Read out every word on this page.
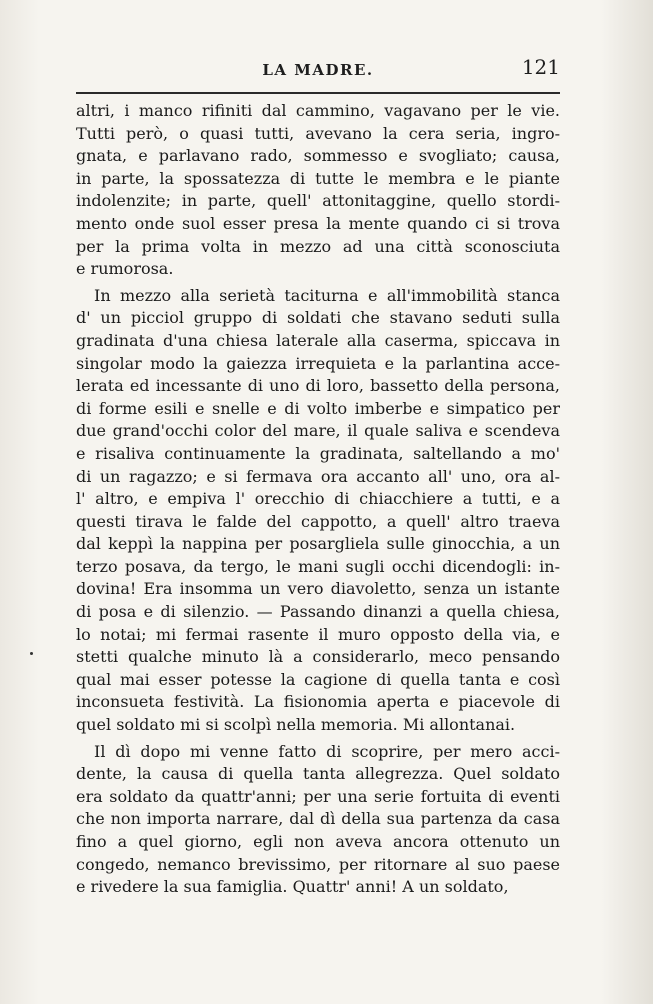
LA MADRE.	121
altri, i manco rifiniti dal cammino, vagavano per le vie.
Tutti però, o quasi tutti, avevano la cera seria, ingro-
gnata, e parlavano rado, sommesso e svogliato; causa,
in parte, la spossatezza di tutte le membra e le piante
indolenzite; in parte, quell' attonitaggine, quello stordi-
mento onde suol esser presa la mente quando ci si trova
per la prima volta in mezzo ad una città sconosciuta
e rumorosa.
In mezzo alla serietà taciturna e all'immobilità stanca
d' un picciol gruppo di soldati che stavano seduti sulla
gradinata d'una chiesa laterale alla caserma, spiccava in
singolar modo la gaiezza irrequieta e la parlantina acce-
lerata ed incessante di uno di loro, bassetto della persona,
di forme esili e snelle e di volto imberbe e simpatico per
due grand'occhi color del mare, il quale saliva e scendeva
e risaliva continuamente la gradinata, saltellando a mo'
di un ragazzo; e si fermava ora accanto all' uno, ora al-
l' altro, e empiva l' orecchio di chiacchiere a tutti, e a
questi tirava le falde del cappotto, a quell' altro traeva
dal keppì la nappina per posargliela sulle ginocchia, a un
terzo posava, da tergo, le mani sugli occhi dicendogli: in-
dovina! Era insomma un vero diavoletto, senza un istante
di posa e di silenzio. — Passando dinanzi a quella chiesa,
lo notai; mi fermai rasente il muro opposto della via, e
stetti qualche minuto là a considerarlo, meco pensando
qual mai esser potesse la cagione di quella tanta e così
inconsueta festività. La fisionomia aperta e piacevole di
quel soldato mi si scolpì nella memoria. Mi allontanai.
Il dì dopo mi venne fatto di scoprire, per mero acci-
dente, la causa di quella tanta allegrezza. Quel soldato
era soldato da quattr'anni; per una serie fortuita di eventi
che non importa narrare, dal dì della sua partenza da casa
fino a quel giorno, egli non aveva ancora ottenuto un
congedo, nemanco brevissimo, per ritornare al suo paese
e rivedere la sua famiglia. Quattr' anni! A un soldato,
